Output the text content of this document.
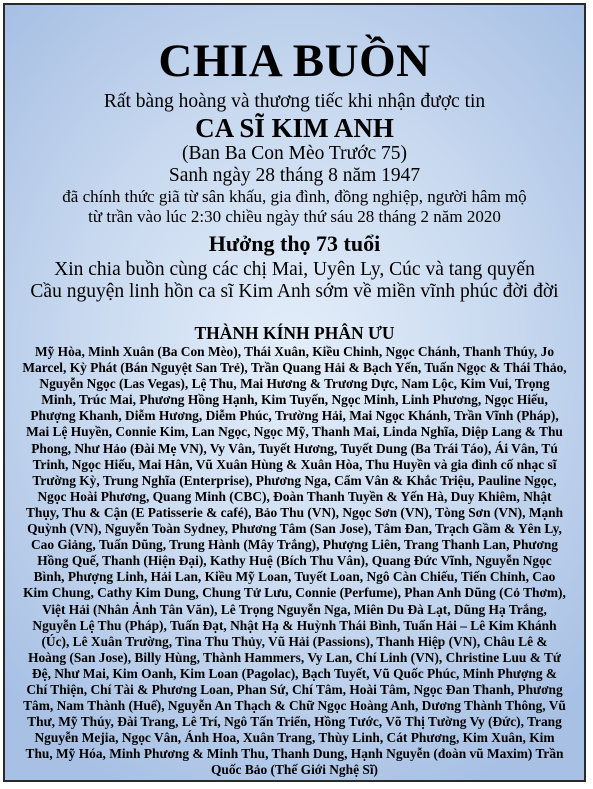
CHIA BUỒN

Rất bàng hoàng và thương tiếc khi nhận được tin

CA SĨ KIM ANH

(Ban Ba Con Mèo Trước 75)

Sanh ngày 28 tháng 8 năm 1947

đã chính thức giã từ sân khấu, gia đình, đồng nghiệp, người hâm mộ

từ trần vào lúc 2:30 chiều ngày thứ sáu 28 tháng 2 năm 2020

Hưởng thọ 73 tuổi

Xin chia buồn cùng các chị Mai, Uyên Ly, Cúc và tang quyến

Cầu nguyện linh hồn ca sĩ Kim Anh sớm về miền vĩnh phúc đời đời

THÀNH KÍNH PHÂN ƯU

Mỹ Hòa, Minh Xuân (Ba Con Mèo), Thái Xuân, Kiều Chinh, Ngọc Chánh, Thanh Thúy, Jo Marcel, Kỳ Phát (Bán Nguyệt San Trẻ), Trần Quang Hải & Bạch Yến, Tuấn Ngọc & Thái Thảo, Nguyễn Ngọc (Las Vegas), Lệ Thu, Mai Hương & Trương Dực, Nam Lộc, Kim Vui, Trọng Minh, Trúc Mai, Phương Hồng Hạnh, Kim Tuyến, Ngọc Minh, Linh Phương, Ngọc Hiếu, Phượng Khanh, Diễm Hương, Diễm Phúc, Trường Hải, Mai Ngọc Khánh, Trần Vĩnh (Pháp), Mai Lệ Huyền, Connie Kim, Lan Ngọc, Ngọc Mỹ, Thanh Mai, Linda Nghĩa, Diệp Lang & Thu Phong, Như Hảo (Đài Mẹ VN), Vy Vân, Tuyết Hương, Tuyết Dung (Ba Trái Táo), Ái Vân, Tú Trinh, Ngọc Hiếu, Mai Hân, Vũ Xuân Hùng & Xuân Hòa, Thu Huyền và gia đình cố nhạc sĩ Trường Kỳ, Trung Nghĩa (Enterprise), Phương Nga, Cẩm Vân & Khắc Triệu, Pauline Ngọc, Ngọc Hoài Phương, Quang Minh (CBC), Đoàn Thanh Tuyền & Yến Hà, Duy Khiêm, Nhật Thụy, Thu & Cận (E Patisserie & café), Bảo Thu (VN), Ngọc Sơn (VN), Tòng Sơn (VN), Mạnh Quỳnh (VN), Nguyễn Toàn Sydney, Phương Tâm (San Jose), Tâm Đan, Trạch Gầm & Yên Ly, Cao Giảng, Tuấn Dũng, Trung Hành (Mây Trắng), Phượng Liên, Trang Thanh Lan, Phương Hồng Quế, Thanh (Hiện Đại), Kathy Huệ (Bích Thu Vân), Quang Đức Vĩnh, Nguyễn Ngọc Bình, Phượng Linh, Hải Lan, Kiều Mỹ Loan, Tuyết Loan, Ngô Càn Chiếu, Tiến Chỉnh, Cao Kim Chung, Cathy Kim Dung, Chung Tử Lưu, Connie (Perfume), Phan Anh Dũng (Cỏ Thơm), Việt Hải (Nhân Ảnh Tân Văn), Lê Trọng Nguyễn Nga, Miên Du Đà Lạt, Dũng Hạ Trắng, Nguyễn Lệ Thu (Pháp), Tuấn Đạt, Nhật Hạ & Huỳnh Thái Bình, Tuấn Hải – Lê Kim Khánh (Úc), Lê Xuân Trường, Tina Thu Thủy, Vũ Hải (Passions), Thanh Hiệp (VN), Châu Lê & Hoàng (San Jose), Billy Hùng, Thành Hammers, Vy Lan, Chí Linh (VN), Christine Luu & Tứ Đệ, Như Mai, Kim Oanh, Kim Loan (Pagolac), Bạch Tuyết, Vũ Quốc Phúc, Minh Phượng & Chí Thiện, Chí Tài & Phương Loan, Phan Sứ, Chí Tâm, Hoài Tâm, Ngọc Đan Thanh, Phương Tâm, Nam Thành (Huế), Nguyễn An Thạch & Chữ Ngọc Hoàng Anh, Dương Thành Thông, Vũ Thư, Mỹ Thúy, Đài Trang, Lê Trí, Ngô Tấn Triển, Hồng Tước, Võ Thị Tường Vy (Đức), Trang Nguyễn Mejia, Ngọc Vân, Ánh Hoa, Xuân Trang, Thùy Linh, Cát Phương, Kim Xuân, Kim Thu, Mỹ Hóa, Minh Phương & Minh Thu, Thanh Dung, Hạnh Nguyễn (đoàn vũ Maxim) Trần Quốc Bảo (Thế Giới Nghệ Sĩ)
